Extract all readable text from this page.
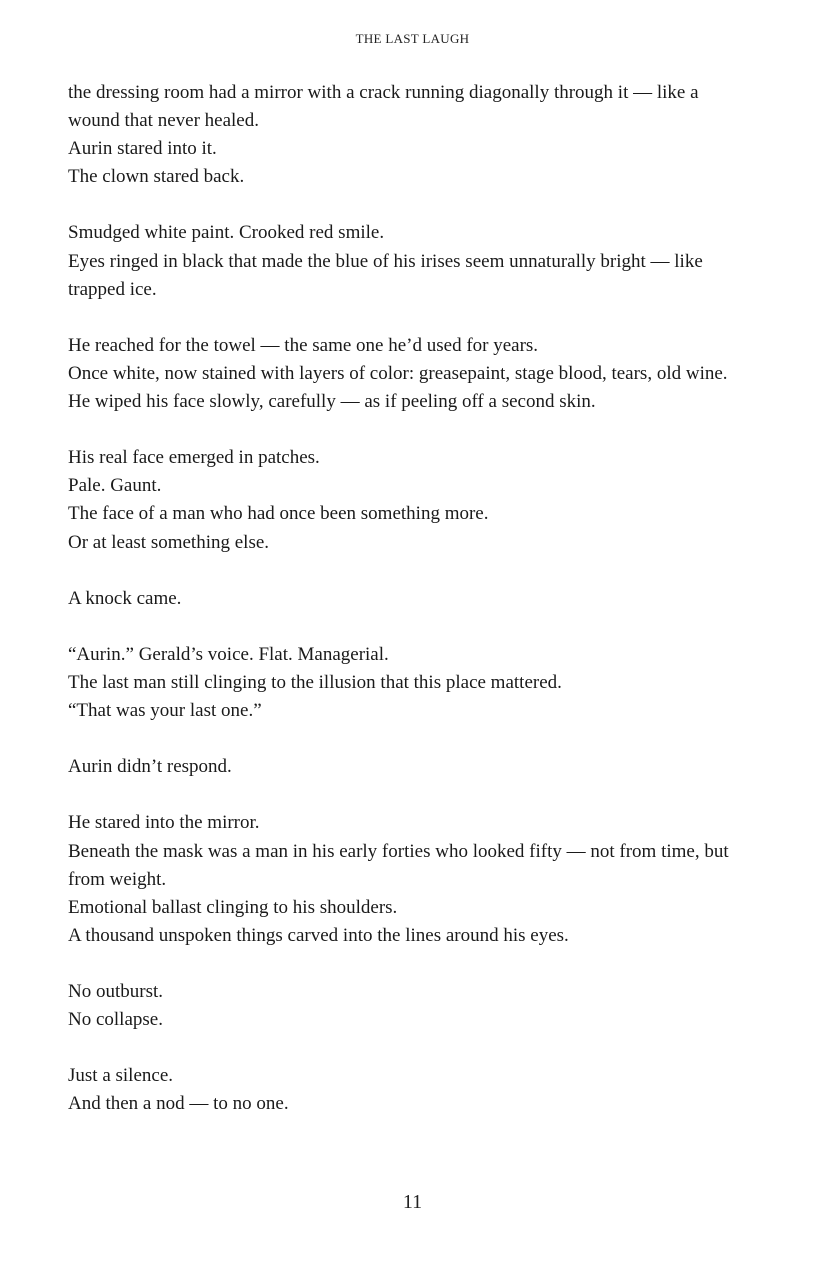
THE LAST LAUGH

the dressing room had a mirror with a crack running diagonally through it — like a wound that never healed.
Aurin stared into it.
The clown stared back.

Smudged white paint. Crooked red smile.
Eyes ringed in black that made the blue of his irises seem unnaturally bright — like trapped ice.

He reached for the towel — the same one he’d used for years.
Once white, now stained with layers of color: greasepaint, stage blood, tears, old wine.
He wiped his face slowly, carefully — as if peeling off a second skin.

His real face emerged in patches.
Pale. Gaunt.
The face of a man who had once been something more.
Or at least something else.

A knock came.

“Aurin.” Gerald’s voice. Flat. Managerial.
The last man still clinging to the illusion that this place mattered.
“That was your last one.”

Aurin didn’t respond.

He stared into the mirror.
Beneath the mask was a man in his early forties who looked fifty — not from time, but from weight.
Emotional ballast clinging to his shoulders.
A thousand unspoken things carved into the lines around his eyes.

No outburst.
No collapse.

Just a silence.
And then a nod — to no one.

11
